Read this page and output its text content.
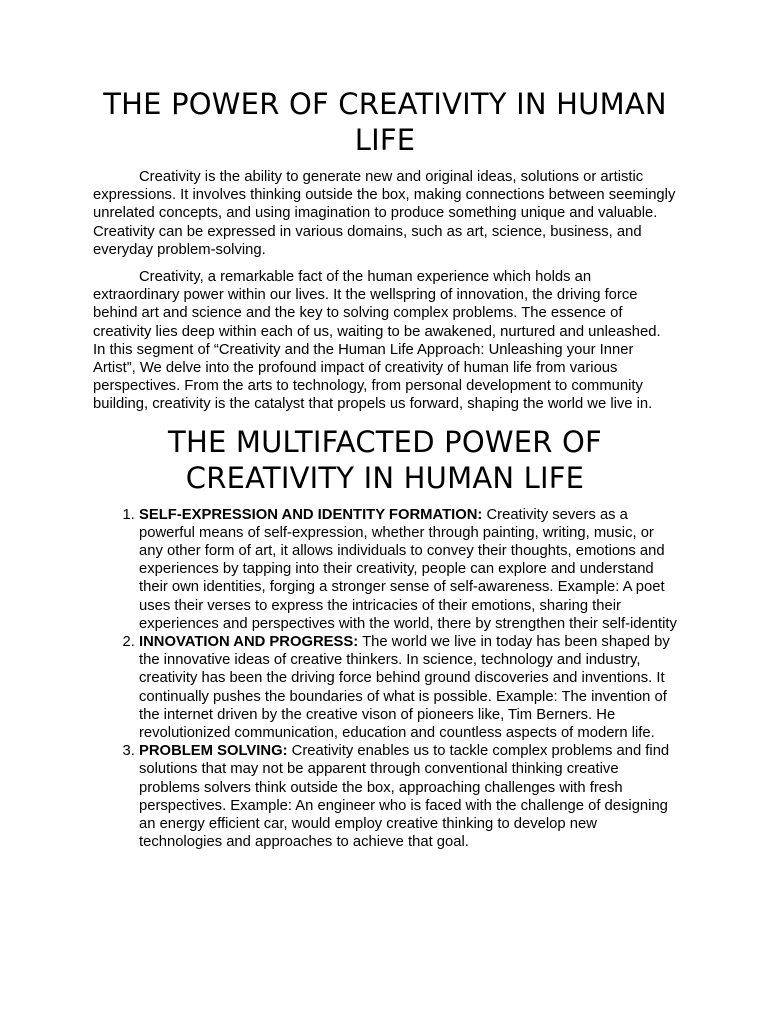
THE POWER OF CREATIVITY IN HUMAN LIFE

Creativity is the ability to generate new and original ideas, solutions or artistic expressions. It involves thinking outside the box, making connections between seemingly unrelated concepts, and using imagination to produce something unique and valuable. Creativity can be expressed in various domains, such as art, science, business, and everyday problem-solving.

Creativity, a remarkable fact of the human experience which holds an extraordinary power within our lives. It the wellspring of innovation, the driving force behind art and science and the key to solving complex problems. The essence of creativity lies deep within each of us, waiting to be awakened, nurtured and unleashed. In this segment of “Creativity and the Human Life Approach: Unleashing your Inner Artist”, We delve into the profound impact of creativity of human life from various perspectives. From the arts to technology, from personal development to community building, creativity is the catalyst that propels us forward, shaping the world we live in.

THE MULTIFACTED POWER OF CREATIVITY IN HUMAN LIFE
1. SELF-EXPRESSION AND IDENTITY FORMATION: Creativity severs as a powerful means of self-expression, whether through painting, writing, music, or any other form of art, it allows individuals to convey their thoughts, emotions and experiences by tapping into their creativity, people can explore and understand their own identities, forging a stronger sense of self-awareness. Example: A poet uses their verses to express the intricacies of their emotions, sharing their experiences and perspectives with the world, there by strengthen their self-identity
2. INNOVATION AND PROGRESS: The world we live in today has been shaped by the innovative ideas of creative thinkers. In science, technology and industry, creativity has been the driving force behind ground discoveries and inventions. It continually pushes the boundaries of what is possible. Example: The invention of the internet driven by the creative vison of pioneers like, Tim Berners. He revolutionized communication, education and countless aspects of modern life.
3. PROBLEM SOLVING: Creativity enables us to tackle complex problems and find solutions that may not be apparent through conventional thinking creative problems solvers think outside the box, approaching challenges with fresh perspectives. Example: An engineer who is faced with the challenge of designing an energy efficient car, would employ creative thinking to develop new technologies and approaches to achieve that goal.
